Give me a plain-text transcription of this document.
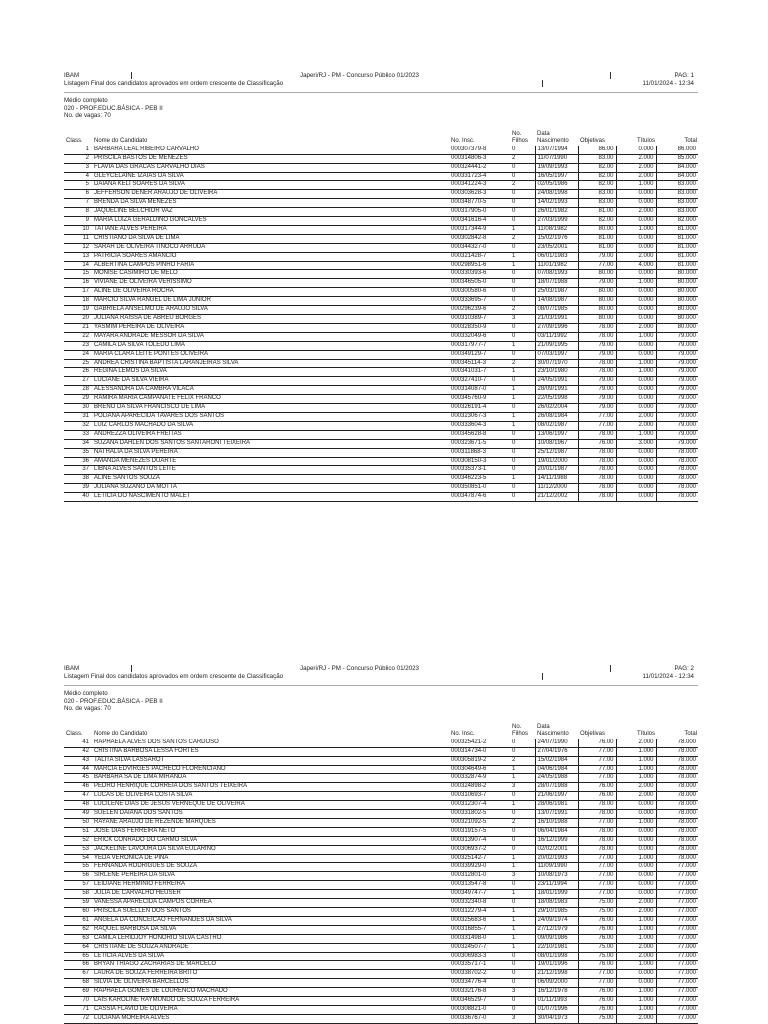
IBAM	Japeri/RJ - PM - Concurso Público 01/2023	PAG: 1
Listagem Final dos candidatos aprovados em ordem crescente de Classificação	11/01/2024 - 12:34
Médio completo
020 - PROF.EDUC.BÁSICA - PEB II
No. de vagas: 70
Class.	Nome do Candidato	No. Insc.	No. Filhos	Data Nascimento	Objetivas	Títulos	Total
1	BARBARA LEAL RIBEIRO CARVALHO	000307379-8	0	13/07/1994	86.00	0.000	86.000
2	PRISCILA BASTOS DE MENEZES	000314806-3	2	11/07/1990	83.00	2.000	85.000
3	FLAVIA DAS GRACAS CARVALHO DIAS	000324441-2	0	19/09/1993	82.00	2.000	84.000
4	GLEYCELAINE IZAIAS DA SILVA	000331723-4	0	16/05/1997	82.00	2.000	84.000
5	DAIANA KELI SOARES DA SILVA	000341224-3	2	02/05/1986	82.00	1.000	83.000
6	JEFFERSON DENER ARAUJO DE OLIVEIRA	000303628-3	0	24/08/1998	83.00	0.000	83.000
7	BRENDA DA SILVA MENEZES	000348770-5	0	14/02/1993	83.00	0.000	83.000
8	JAQUELINE BELCHIOR VAZ	000317905-0	0	26/01/1982	81.00	2.000	83.000
9	MARIA LUIZA GERALDINO GONCALVES	000341616-4	0	27/03/1999	82.00	0.000	82.000
10	TATIANE ALVES PEREIRA	000317344-9	1	11/08/1982	80.00	1.000	81.000
11	CRISTIANO DA SILVA DE LIMA	000302842-8	2	15/02/1976	81.00	0.000	81.000
12	SARAH DE OLIVEIRA TINOCO ARRUDA	000344327-0	0	23/05/2001	81.00	0.000	81.000
13	PATRICIA SOARES AMANCIO	000321428-7	1	06/01/1983	79.00	2.000	81.000
14	ALBERTINA CAMPOS PINHO FARIA	000298951-6	1	11/01/1982	77.00	4.000	81.000
15	MONISE CASIMIRO DE MELO	000330393-6	0	07/08/1993	80.00	0.000	80.000
16	VIVIANE DE OLIVEIRA VERISSIMO	000346505-0	0	18/07/1988	79.00	1.000	80.000
17	ALINE DE OLIVEIRA ROCHA	000300580-6	0	25/03/1987	80.00	0.000	80.000
18	MARCIO SILVA RANGEL DE LIMA JUNIOR	000333695-7	0	14/08/1987	80.00	0.000	80.000
19	GABRIELA ANSELMO DE ARAUJO SILVA	000296239-6	2	08/07/1985	80.00	0.000	80.000
20	JULIANA RAISSA DE ABREU BORGES	000310389-7	3	21/03/1991	80.00	0.000	80.000
21	YASMIM PEREIRA DE OLIVEIRA	000328350-9	0	27/09/1996	78.00	2.000	80.000
22	MAYARA ANDRADE MESSOR DA SILVA	000332049-6	0	03/11/1992	78.00	1.000	79.000
23	CAMILA DA SILVA TOLEDO LIMA	000317977-7	1	21/09/1995	79.00	0.000	79.000
24	MARIA CLARA LEITE PONTES OLIVEIRA	000349129-7	0	07/03/1997	79.00	0.000	79.000
25	ANDREA CRISTINA BAPTISTA LARANJEIRAS SILVA	000345114-3	2	30/07/1970	78.00	1.000	79.000
26	REGINA LEMOS DA SILVA	000341031-7	1	23/10/1980	78.00	1.000	79.000
27	LUCIANE DA SILVA VIEIRA	000327410-7	0	24/05/1991	79.00	0.000	79.000
28	ALESSANDRA DA CAMBRA VILACA	000314087-0	1	28/09/1991	79.00	0.000	79.000
29	RAMIRA MARIA CAMPANATE FELIX FRANCO	000345760-9	1	22/05/1998	79.00	0.000	79.000
30	BRENO DA SILVA FRANCISCO DE LIMA	000326191-4	0	26/02/2004	79.00	0.000	79.000
31	POLIANA APARECIDA TAVARES DOS SANTOS	000323067-3	1	26/08/1984	77.00	2.000	79.000
32	LUIZ CARLOS MACHADO DA SILVA	000333604-3	1	08/02/1987	77.00	2.000	79.000
33	ANDREZZA OLIVEIRA FREITAS	000345628-8	0	13/06/1997	78.00	1.000	79.000
34	SUZANA DAHLEN DOS SANTOS SANTARONI TEIXEIRA	000323671-5	0	10/08/1967	76.00	3.000	79.000
35	NATHALIA DA SILVA PEREIRA	000311868-3	0	25/12/1987	78.00	0.000	78.000
36	AMANDA MENEZES DUARTE	000308150-3	0	19/01/2000	78.00	0.000	78.000
37	LIBNA ALVES SANTOS LEITE	000335373-1	0	20/01/1987	78.00	0.000	78.000
38	ALINE SANTOS SOUZA	000346223-5	1	14/11/1988	78.00	0.000	78.000
39	JULIANA SUZANO DA MOTTA	000350851-0	0	11/12/2000	78.00	0.000	78.000
40	LETICIA DO NASCIMENTO MALET	000347874-6	0	21/12/2002	78.00	0.000	78.000
IBAM	Japeri/RJ - PM - Concurso Público 01/2023	PAG: 2
Listagem Final dos candidatos aprovados em ordem crescente de Classificação	11/01/2024 - 12:34
Médio completo
020 - PROF.EDUC.BÁSICA - PEB II
No. de vagas: 70
Class.	Nome do Candidato	No. Insc.	No. Filhos	Data Nascimento	Objetivas	Títulos	Total
41	RAPHAELA ALVES DOS SANTOS CARDOSO	000325421-2	0	24/07/1990	76.00	2.000	78.000
42	CRISTINA BARBOSA LESSA FORTES	000314734-0	0	27/04/1976	77.00	1.000	78.000
43	TALITA SILVA LASSAROT	000305819-2	2	15/02/1984	77.00	1.000	78.000
44	MARCIA EDVIRGES PACHECO FLORENCIANO	000304649-6	1	04/06/1984	77.00	1.000	78.000
45	BARBARA SA DE LIMA MIRANDA	000332874-9	1	24/05/1988	77.00	1.000	78.000
46	PEDRO HENRIQUE CORREIA DOS SANTOS TEIXEIRA	000324898-2	3	28/07/1988	76.00	2.000	78.000
47	LUCAS DE OLIVEIRA COSTA SILVA	000310693-7	0	21/06/1997	76.00	2.000	78.000
48	LUCILENE DIAS DE JESUS VERNEQUE DE OLIVEIRA	000312307-4	1	28/06/1981	78.00	0.000	78.000
49	SUELEN DAIANA DOS SANTOS	000331802-5	0	13/07/1991	78.00	0.000	78.000
50	RAYANE ARAUJO DE REZENDE MARQUES	000321092-5	2	16/10/1988	77.00	1.000	78.000
51	JOSE DIAS FERREIRA NETO	000319157-5	0	06/04/1984	78.00	0.000	78.000
52	ERICK CONRADO DO CARMO SILVA	000313907-4	0	16/12/1999	78.00	0.000	78.000
53	JACKELINE LAVOURA DA SILVA EULARINO	000306937-2	0	02/02/2001	78.00	0.000	78.000
54	YEDA VERONICA DE PINA	000325142-7	1	20/02/1993	77.00	1.000	78.000
55	FERNANDA RODRIGUES DE SOUZA	000339929-0	1	11/09/1990	77.00	0.000	77.000
56	SIRLENE PEREIRA DA SILVA	000312801-0	3	10/08/1973	77.00	0.000	77.000
57	LEIDIANE HERMINIO FERREIRA	000313547-8	0	23/11/1994	77.00	0.000	77.000
58	JULIA DE CARVALHO HEUSER	000349747-7	1	18/01/1999	77.00	0.000	77.000
59	VANESSA APARECIDA CAMPOS CORREA	000332340-8	0	18/08/1983	75.00	2.000	77.000
60	PRISCILA SUELLEN DOS SANTOS	000312279-4	1	29/10/1985	75.00	2.000	77.000
61	ANGELA DA CONCEICAO FERNANDES DA SILVA	000325683-6	1	24/09/1974	76.00	1.000	77.000
62	RAQUEL BARBOSA DA SILVA	000316855-7	1	27/12/1979	76.00	1.000	77.000
63	CAMILA LERIDJOY HONORIO SILVA CASTRO	000331498-0	1	09/09/1986	76.00	1.000	77.000
64	CRISTIANE DE SOUZA ANDRADE	000324507-7	1	22/10/1981	75.00	2.000	77.000
65	LETICIA ALVES DA SILVA	000306983-3	0	08/01/1998	75.00	2.000	77.000
66	BRYAN THIAGO ZACHARIAS DE MARCELO	000335717-1	0	19/01/1996	76.00	1.000	77.000
67	LAURA DE SOUZA FERREIRA BRITO	000338702-2	0	21/12/1998	77.00	0.000	77.000
68	SILVIA DE OLIVEIRA BARCELLOS	000334776-4	0	06/09/2000	77.00	0.000	77.000
69	RAPHAELA GOMES DE LOURENCO MACHADO	000332176-8	3	16/12/1978	76.00	1.000	77.000
70	LAIS KAROLINE RAYMUNDO DE SOUZA FERREIRA	000346529-7	0	01/11/1993	76.00	1.000	77.000
71	CASSIA FLAVIO DE OLIVEIRA	000308821-0	0	01/07/1996	76.00	1.000	77.000
72	LUCIANA MOREIRA ALVES	000336767-0	3	30/04/1973	75.00	2.000	77.000
